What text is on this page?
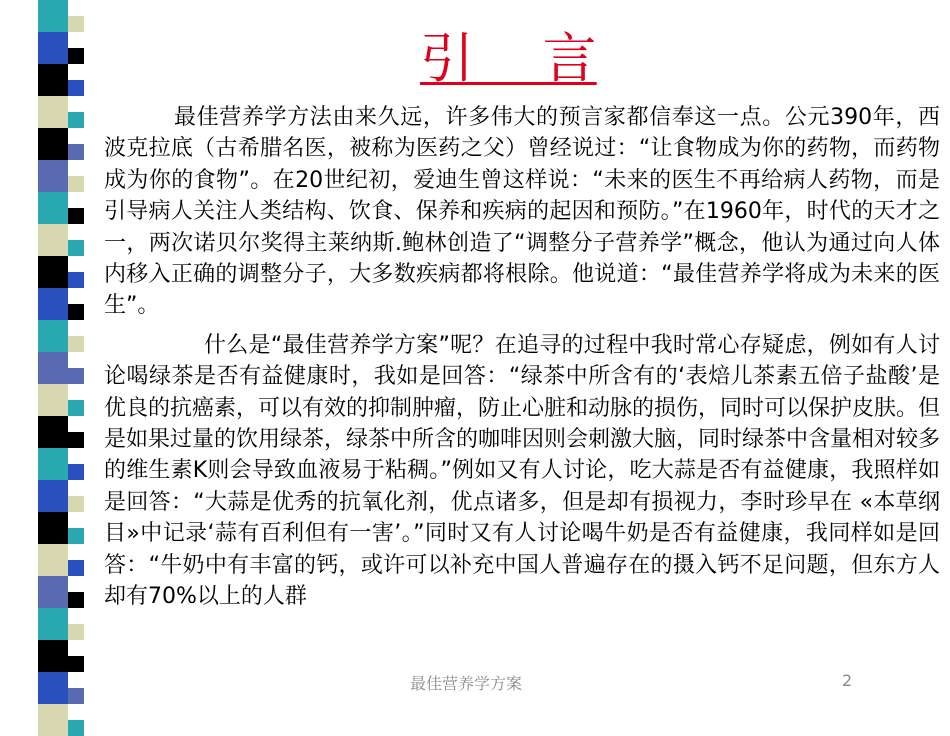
引    言

最佳营养学方法由来久远，许多伟大的预言家都信奉这一点。公元390年，西波克拉底（古希腊名医，被称为医药之父）曾经说过：“让食物成为你的药物，而药物成为你的食物”。在20世纪初，爱迪生曾这样说：“未来的医生不再给病人药物，而是引导病人关注人类结构、饮食、保养和疾病的起因和预防。”在1960年，时代的天才之一，两次诺贝尔奖得主莱纳斯.鲍林创造了“调整分子营养学”概念，他认为通过向人体内移入正确的调整分子，大多数疾病都将根除。他说道：“最佳营养学将成为未来的医生”。

什么是“最佳营养学方案”呢？在追寻的过程中我时常心存疑虑，例如有人讨论喝绿茶是否有益健康时，我如是回答：“绿茶中所含有的‘表焙儿茶素五倍子盐酸’是优良的抗癌素，可以有效的抑制肿瘤，防止心脏和动脉的损伤，同时可以保护皮肤。但是如果过量的饮用绿茶，绿茶中所含的咖啡因则会刺激大脑，同时绿茶中含量相对较多的维生素K则会导致血液易于粘稠。”例如又有人讨论，吃大蒜是否有益健康，我照样如是回答：“大蒜是优秀的抗氧化剂，优点诸多，但是却有损视力，李时珍早在 «本草纲目»中记录‘蒜有百利但有一害’。”同时又有人讨论喝牛奶是否有益健康，我同样如是回答：“牛奶中有丰富的钙，或许可以补充中国人普遍存在的摄入钙不足问题，但东方人却有70%以上的人群

最佳营养学方案	2
